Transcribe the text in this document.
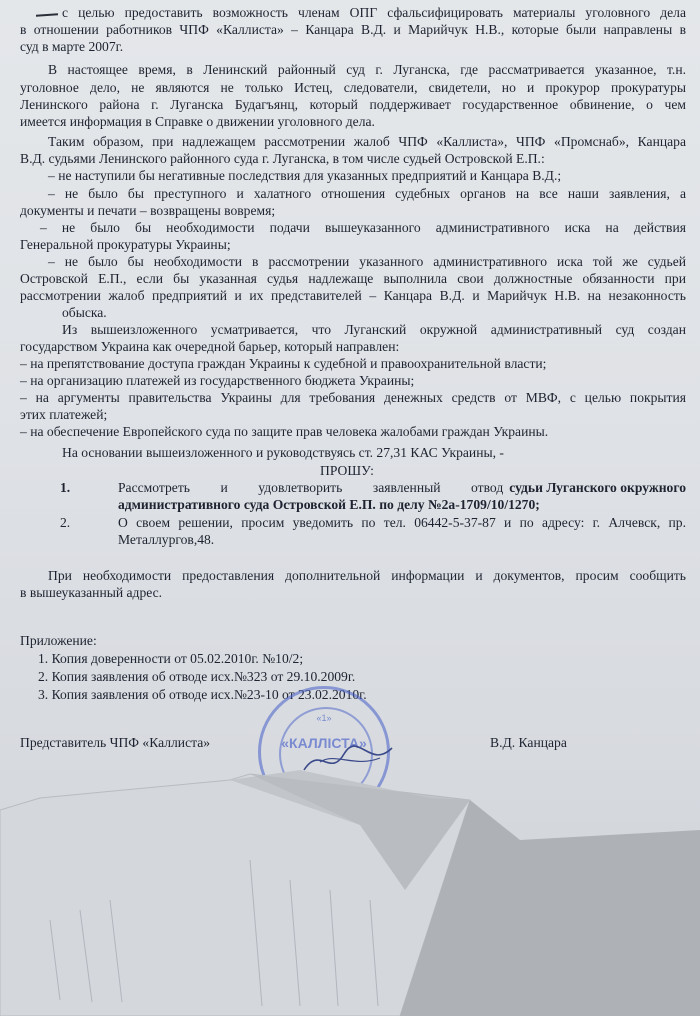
с целью предоставить возможность членам ОПГ сфальсифицировать материалы уголовного дела
в отношении работников ЧПФ «Каллиста» – Канцара В.Д. и Марийчук Н.В., которые были направлены в
суд в марте 2007г.
В настоящее время, в Ленинский районный суд г. Луганска, где рассматривается указанное, т.н.
уголовное дело, не являются не только Истец, следователи, свидетели, но и прокурор прокуратуры
Ленинского района г. Луганска Будагъянц, который поддерживает государственное обвинение, о чем
имеется информация в Справке о движении уголовного дела.
Таким образом, при надлежащем рассмотрении жалоб ЧПФ «Каллиста», ЧПФ «Промснаб», Канцара
В.Д. судьями Ленинского районного суда г. Луганска, в том числе судьей Островской Е.П.:
– не наступили бы негативные последствия для указанных предприятий и Канцара В.Д.;
– не было бы преступного и халатного отношения судебных органов на все наши заявления, а
документы и печати – возвращены вовремя;
– не было бы необходимости подачи вышеуказанного административного иска на действия
Генеральной прокуратуры Украины;
– не было бы необходимости в рассмотрении указанного административного иска той же судьей
Островской Е.П., если бы указанная судья надлежаще выполнила свои должностные обязанности при
рассмотрении жалоб предприятий и их представителей – Канцара В.Д. и Марийчук Н.В. на незаконность
обыска.
Из вышеизложенного усматривается, что Луганский окружной административный суд создан
государством Украина как очередной барьер, который направлен:
– на препятствование доступа граждан Украины к судебной и правоохранительной власти;
– на организацию платежей из государственного бюджета Украины;
– на аргументы правительства Украины для требования денежных средств от МВФ, с целью покрытия
этих платежей;
– на обеспечение Европейского суда по защите прав человека жалобами граждан Украины.
На основании вышеизложенного и руководствуясь ст. 27,31 КАС Украины, -
ПРОШУ:
1.	Рассмотреть и удовлетворить заявленный отвод судьи Луганского окружного
административного суда Островской Е.П. по делу №2а-1709/10/1270;
2.	О своем решении, просим уведомить по тел. 06442-5-37-87 и по адресу: г. Алчевск, пр.
Металлургов,48.
При необходимости предоставления дополнительной информации и документов, просим сообщить
в вышеуказанный адрес.
Приложение:
1. Копия доверенности от 05.02.2010г. №10/2;
2. Копия заявления об отводе исх.№323 от 29.10.2009г.
3. Копия заявления об отводе исх.№23-10 от 23.02.2010г.
Представитель ЧПФ «Каллиста»	В.Д. Канцара
«1»
«КАЛЛІСТА»
